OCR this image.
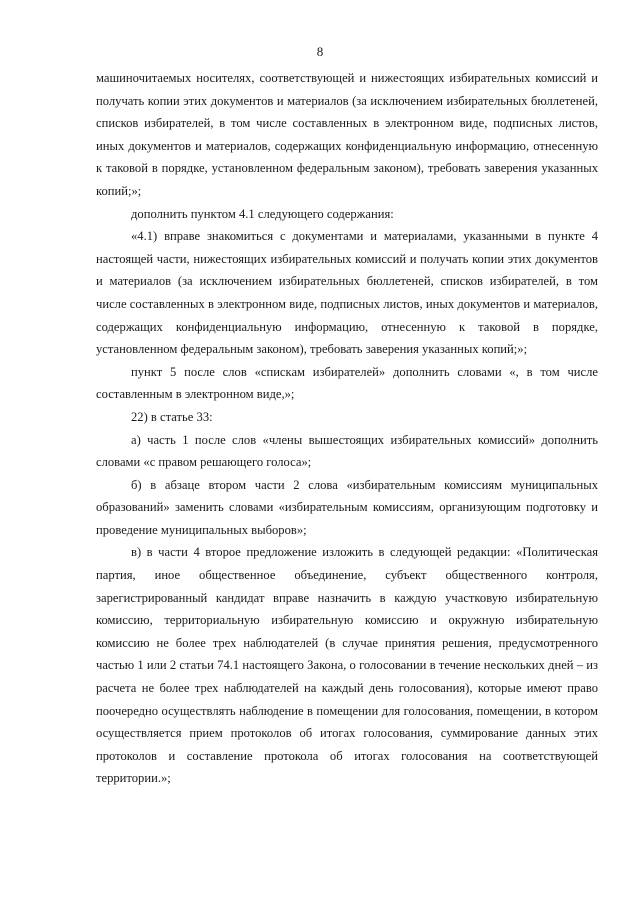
8

машиночитаемых носителях, соответствующей и нижестоящих избирательных комиссий и получать копии этих документов и материалов (за исключением избирательных бюллетеней, списков избирателей, в том числе составленных в электронном виде, подписных листов, иных документов и материалов, содержащих конфиденциальную информацию, отнесенную к таковой в порядке, установленном федеральным законом), требовать заверения указанных копий;»;

дополнить пунктом 4.1 следующего содержания:

«4.1) вправе знакомиться с документами и материалами, указанными в пункте 4 настоящей части, нижестоящих избирательных комиссий и получать копии этих документов и материалов (за исключением избирательных бюллетеней, списков избирателей, в том числе составленных в электронном виде, подписных листов, иных документов и материалов, содержащих конфиденциальную информацию, отнесенную к таковой в порядке, установленном федеральным законом), требовать заверения указанных копий;»;

пункт 5 после слов «спискам избирателей» дополнить словами «, в том числе составленным в электронном виде,»;

22) в статье 33:

а) часть 1 после слов «члены вышестоящих избирательных комиссий» дополнить словами «с правом решающего голоса»;

б) в абзаце втором части 2 слова «избирательным комиссиям муниципальных образований» заменить словами «избирательным комиссиям, организующим подготовку и проведение муниципальных выборов»;

в) в части 4 второе предложение изложить в следующей редакции: «Политическая партия, иное общественное объединение, субъект общественного контроля, зарегистрированный кандидат вправе назначить в каждую участковую избирательную комиссию, территориальную избирательную комиссию и окружную избирательную комиссию не более трех наблюдателей (в случае принятия решения, предусмотренного частью 1 или 2 статьи 74.1 настоящего Закона, о голосовании в течение нескольких дней – из расчета не более трех наблюдателей на каждый день голосования), которые имеют право поочередно осуществлять наблюдение в помещении для голосования, помещении, в котором осуществляется прием протоколов об итогах голосования, суммирование данных этих протоколов и составление протокола об итогах голосования на соответствующей территории.»;
